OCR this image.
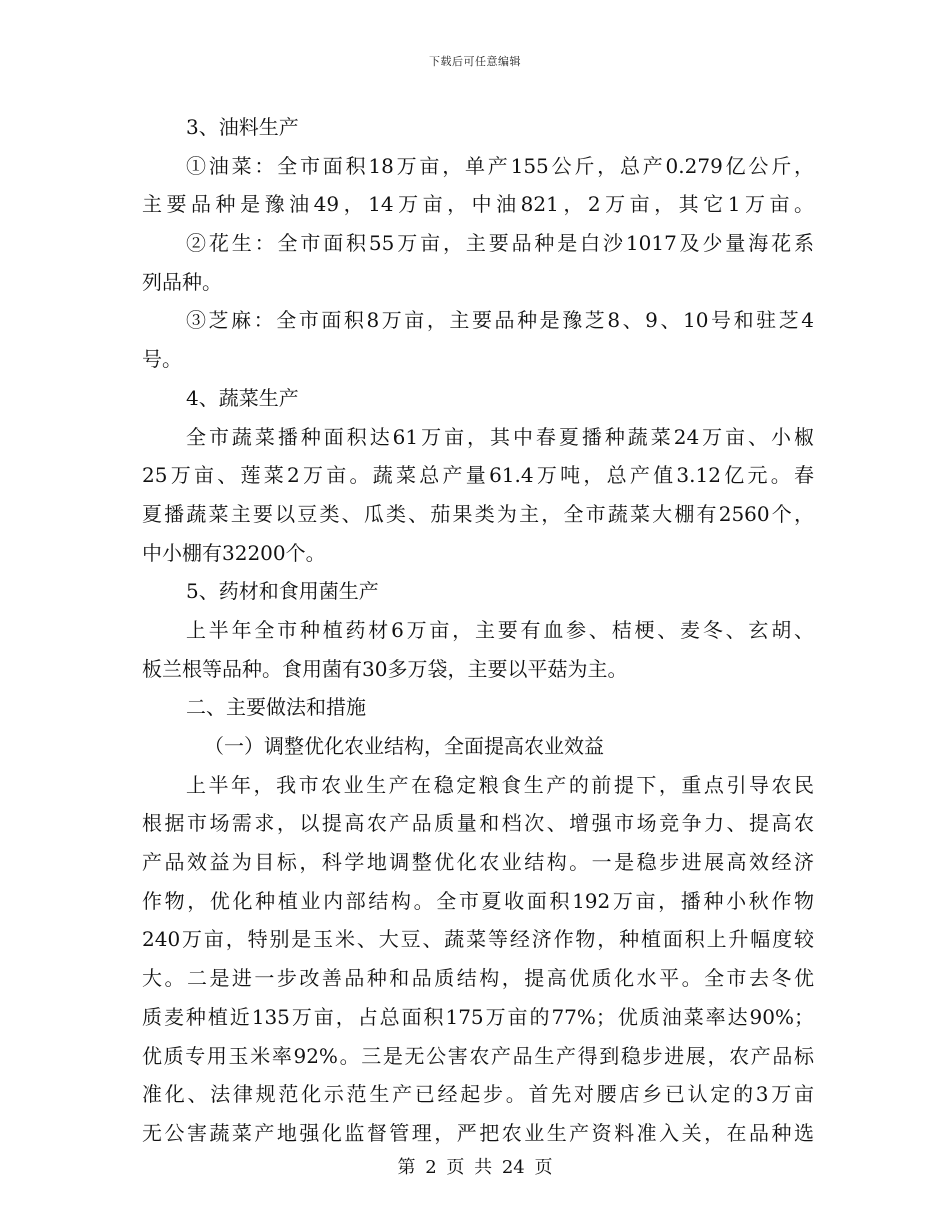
下载后可任意编辑
3、油料生产
①油菜：全市面积18万亩，单产155公斤，总产0.279亿公斤，
主要品种是豫油49，14万亩，中油821，2万亩，其它1万亩。
②花生：全市面积55万亩，主要品种是白沙1017及少量海花系
列品种。
③芝麻：全市面积8万亩，主要品种是豫芝8、9、10号和驻芝4
号。
4、蔬菜生产
全市蔬菜播种面积达61万亩，其中春夏播种蔬菜24万亩、小椒
25万亩、莲菜2万亩。蔬菜总产量61.4万吨，总产值3.12亿元。春
夏播蔬菜主要以豆类、瓜类、茄果类为主，全市蔬菜大棚有2560个，
中小棚有32200个。
5、药材和食用菌生产
上半年全市种植药材6万亩，主要有血参、桔梗、麦冬、玄胡、
板兰根等品种。食用菌有30多万袋，主要以平菇为主。
二、主要做法和措施
（一）调整优化农业结构，全面提高农业效益
上半年，我市农业生产在稳定粮食生产的前提下，重点引导农民
根据市场需求，以提高农产品质量和档次、增强市场竞争力、提高农
产品效益为目标，科学地调整优化农业结构。一是稳步进展高效经济
作物，优化种植业内部结构。全市夏收面积192万亩，播种小秋作物
240万亩，特别是玉米、大豆、蔬菜等经济作物，种植面积上升幅度较
大。二是进一步改善品种和品质结构，提高优质化水平。全市去冬优
质麦种植近135万亩，占总面积175万亩的77%；优质油菜率达90%；
优质专用玉米率92%。三是无公害农产品生产得到稳步进展，农产品标
准化、法律规范化示范生产已经起步。首先对腰店乡已认定的3万亩
无公害蔬菜产地强化监督管理，严把农业生产资料准入关，在品种选
第 2 页 共 24 页
